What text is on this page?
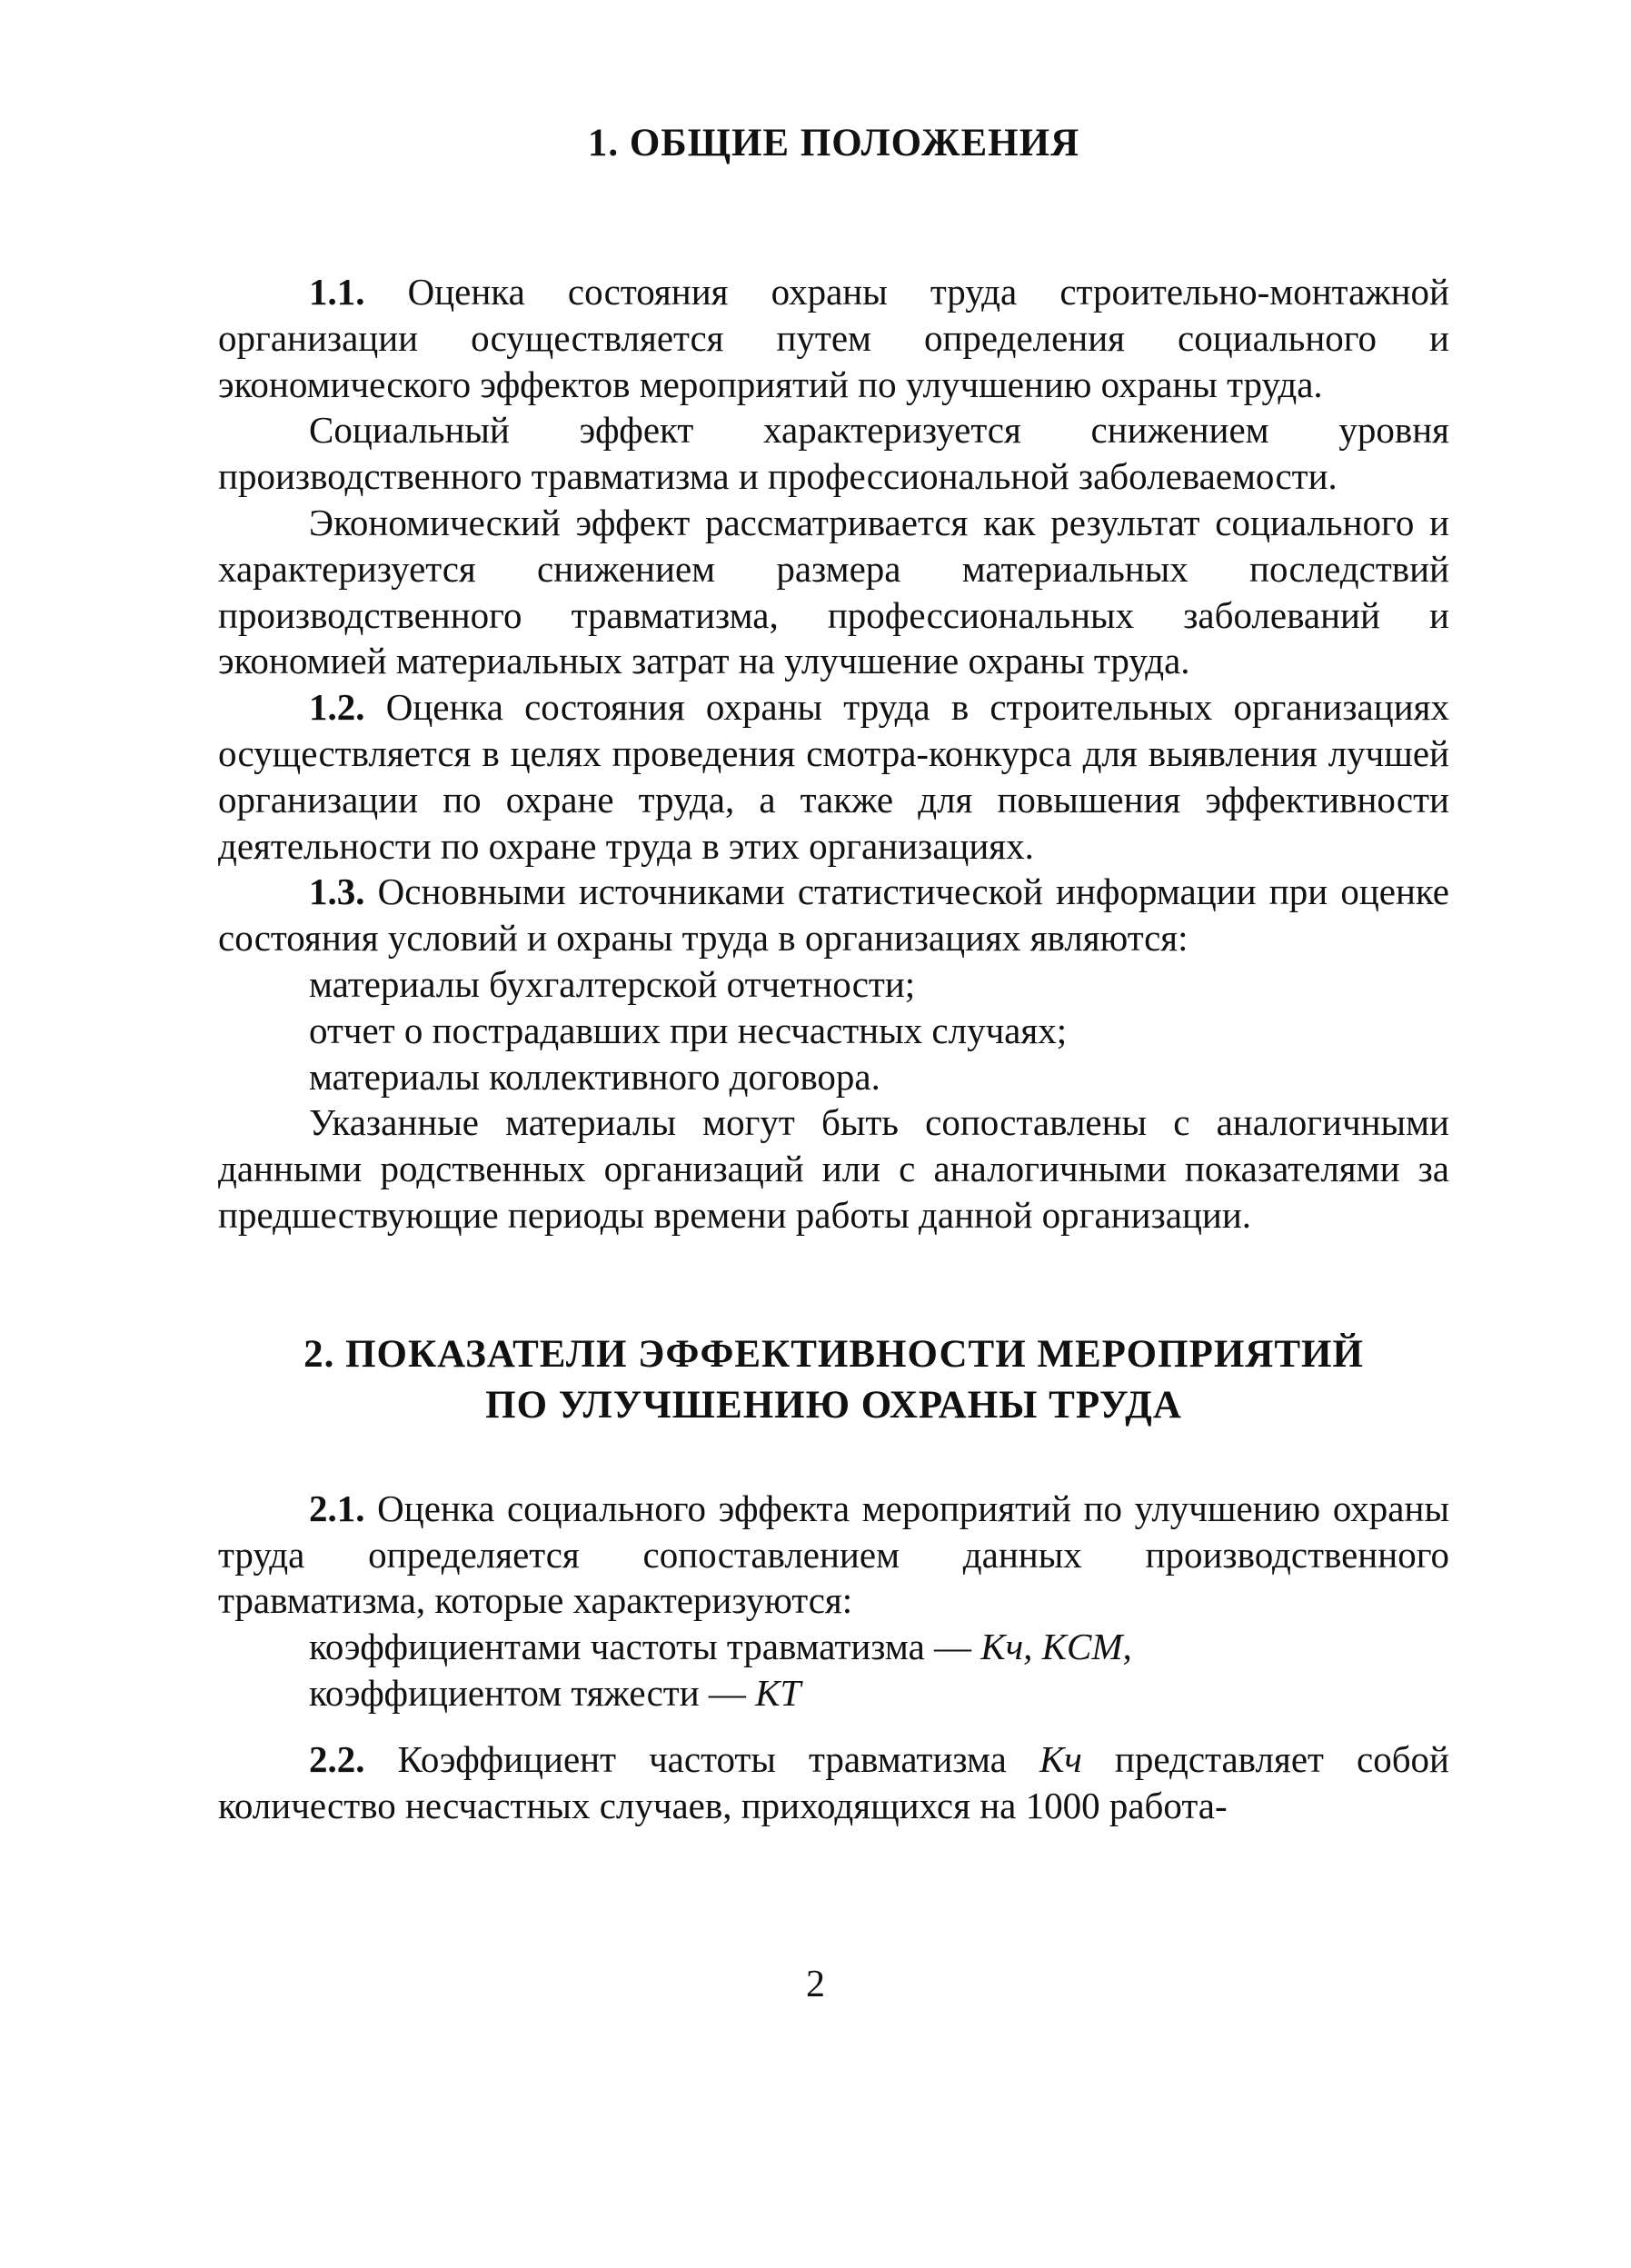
1. ОБЩИЕ ПОЛОЖЕНИЯ

1.1. Оценка состояния охраны труда строительно-монтажной организации осуществляется путем определения социального и экономического эффектов мероприятий по улучшению охраны труда.

Социальный эффект характеризуется снижением уровня производственного травматизма и профессиональной заболеваемости.

Экономический эффект рассматривается как результат социального и характеризуется снижением размера материальных последствий производственного травматизма, профессиональных заболеваний и экономией материальных затрат на улучшение охраны труда.

1.2. Оценка состояния охраны труда в строительных организациях осуществляется в целях проведения смотра-конкурса для выявления лучшей организации по охране труда, а также для повышения эффективности деятельности по охране труда в этих организациях.

1.3. Основными источниками статистической информации при оценке состояния условий и охраны труда в организациях являются:

материалы бухгалтерской отчетности;

отчет о пострадавших при несчастных случаях;

материалы коллективного договора.

Указанные материалы могут быть сопоставлены с аналогичными данными родственных организаций или с аналогичными показателями за предшествующие периоды времени работы данной организации.

2. ПОКАЗАТЕЛИ ЭФФЕКТИВНОСТИ МЕРОПРИЯТИЙ
ПО УЛУЧШЕНИЮ ОХРАНЫ ТРУДА

2.1. Оценка социального эффекта мероприятий по улучшению охраны труда определяется сопоставлением данных производственного травматизма, которые характеризуются:

коэффициентами частоты травматизма — Kч, KСМ,

коэффициентом тяжести — KТ

2.2. Коэффициент частоты травматизма Kч представляет собой количество несчастных случаев, приходящихся на 1000 работа-

2
